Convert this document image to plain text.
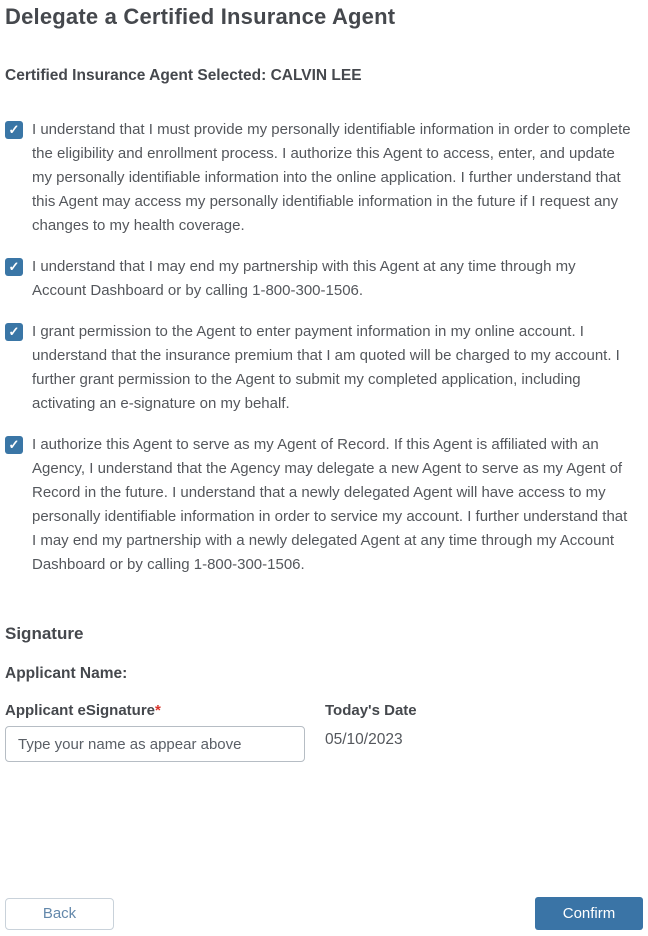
Delegate a Certified Insurance Agent
Certified Insurance Agent Selected: CALVIN LEE
✓ I understand that I must provide my personally identifiable information in order to complete the eligibility and enrollment process. I authorize this Agent to access, enter, and update my personally identifiable information into the online application. I further understand that this Agent may access my personally identifiable information in the future if I request any changes to my health coverage.
✓ I understand that I may end my partnership with this Agent at any time through my Account Dashboard or by calling 1-800-300-1506.
✓ I grant permission to the Agent to enter payment information in my online account. I understand that the insurance premium that I am quoted will be charged to my account. I further grant permission to the Agent to submit my completed application, including activating an e-signature on my behalf.
✓ I authorize this Agent to serve as my Agent of Record. If this Agent is affiliated with an Agency, I understand that the Agency may delegate a new Agent to serve as my Agent of Record in the future. I understand that a newly delegated Agent will have access to my personally identifiable information in order to service my account. I further understand that I may end my partnership with a newly delegated Agent at any time through my Account Dashboard or by calling 1-800-300-1506.
Signature
Applicant Name:
Applicant eSignature*
Type your name as appear above	Today's Date
05/10/2023
Back	Confirm
